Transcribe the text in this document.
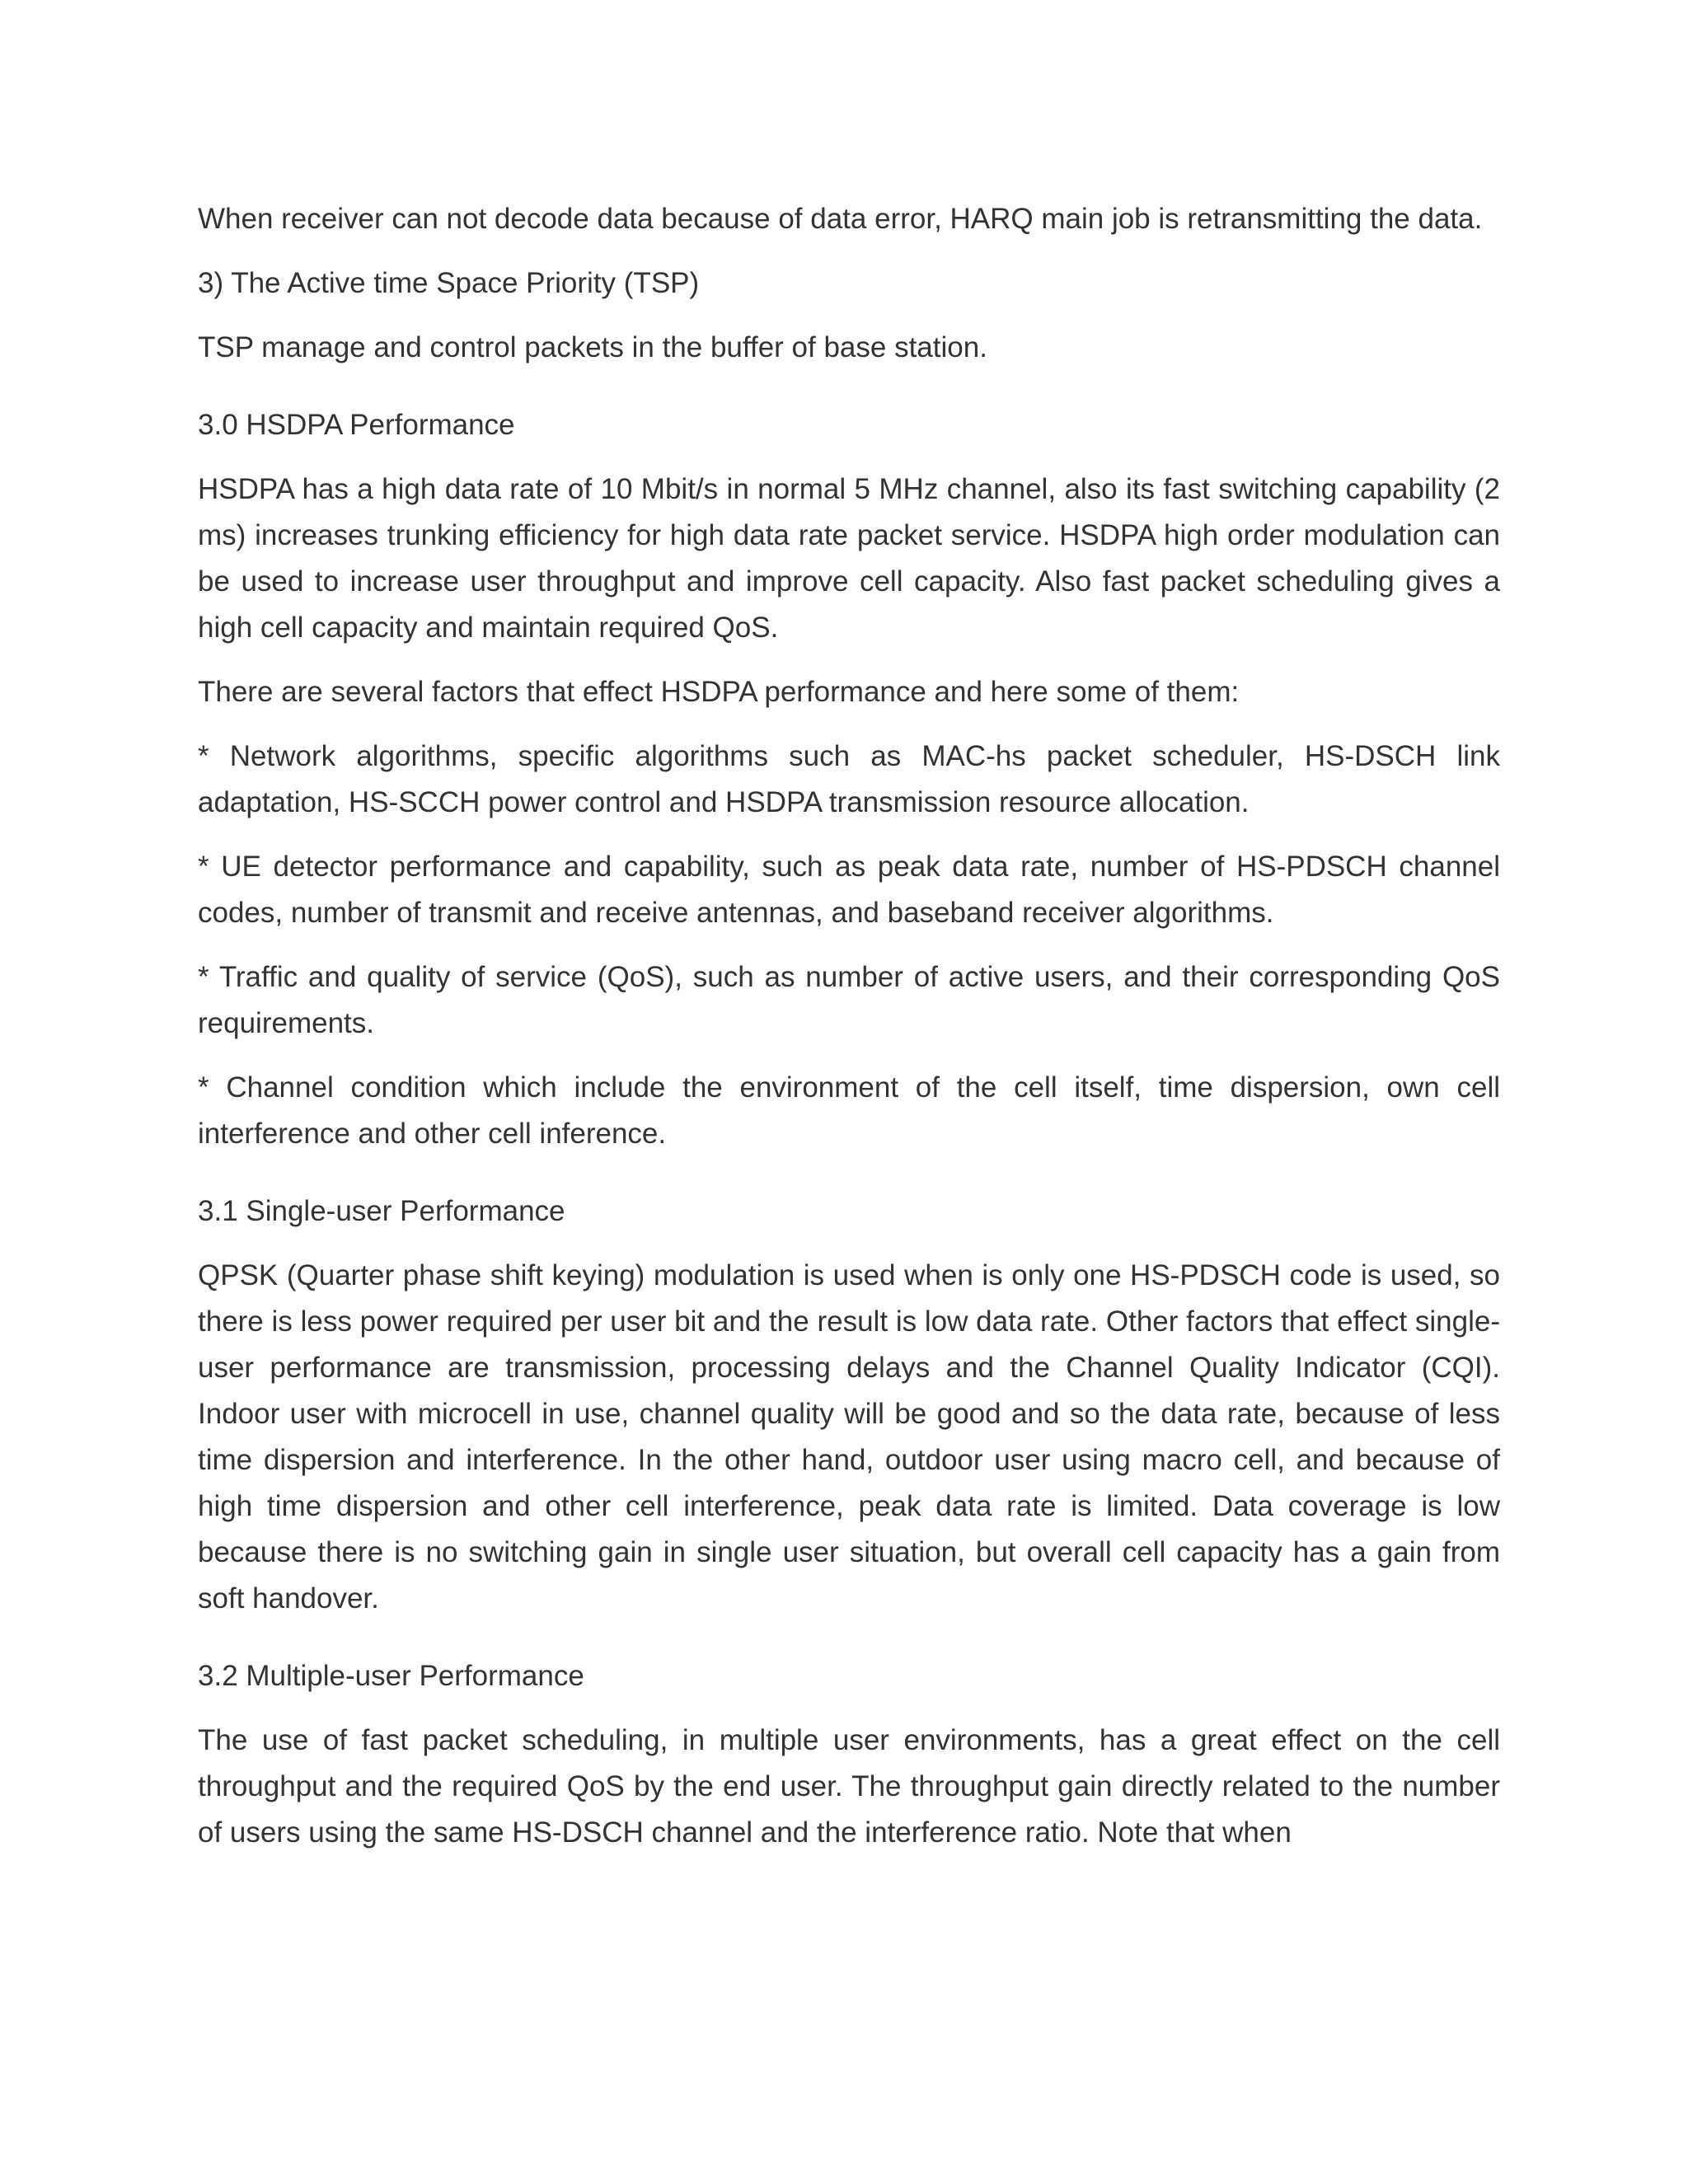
When receiver can not decode data because of data error, HARQ main job is retransmitting the data.

3) The Active time Space Priority (TSP)

TSP manage and control packets in the buffer of base station.

3.0 HSDPA Performance

HSDPA has a high data rate of 10 Mbit/s in normal 5 MHz channel, also its fast switching capability (2 ms) increases trunking efficiency for high data rate packet service. HSDPA high order modulation can be used to increase user throughput and improve cell capacity. Also fast packet scheduling gives a high cell capacity and maintain required QoS.

There are several factors that effect HSDPA performance and here some of them:

* Network algorithms, specific algorithms such as MAC-hs packet scheduler, HS-DSCH link adaptation, HS-SCCH power control and HSDPA transmission resource allocation.

* UE detector performance and capability, such as peak data rate, number of HS-PDSCH channel codes, number of transmit and receive antennas, and baseband receiver algorithms.

* Traffic and quality of service (QoS), such as number of active users, and their corresponding QoS requirements.

* Channel condition which include the environment of the cell itself, time dispersion, own cell interference and other cell inference.

3.1 Single-user Performance

QPSK (Quarter phase shift keying) modulation is used when is only one HS-PDSCH code is used, so there is less power required per user bit and the result is low data rate. Other factors that effect single-user performance are transmission, processing delays and the Channel Quality Indicator (CQI). Indoor user with microcell in use, channel quality will be good and so the data rate, because of less time dispersion and interference. In the other hand, outdoor user using macro cell, and because of high time dispersion and other cell interference, peak data rate is limited. Data coverage is low because there is no switching gain in single user situation, but overall cell capacity has a gain from soft handover.

3.2 Multiple-user Performance

The use of fast packet scheduling, in multiple user environments, has a great effect on the cell throughput and the required QoS by the end user. The throughput gain directly related to the number of users using the same HS-DSCH channel and the interference ratio. Note that when
